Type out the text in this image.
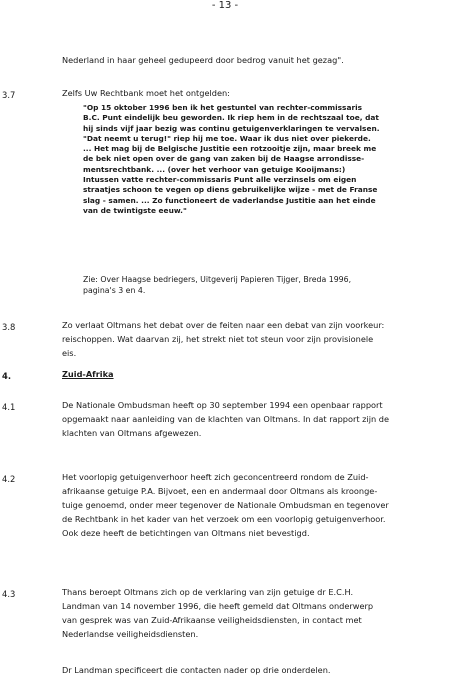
- 13 -
Nederland in haar geheel gedupeerd door bedrog vanuit het gezag".
3.7	Zelfs Uw Rechtbank moet het ontgelden:
"Op 15 oktober 1996 ben ik het gestuntel van rechter-commissaris
B.C. Punt eindelijk beu geworden. Ik riep hem in de rechtszaal toe, dat
hij sinds vijf jaar bezig was continu getuigenverklaringen te vervalsen.
"Dat neemt u terug!" riep hij me toe. Waar ik dus niet over piekerde.
... Het mag bij de Belgische Justitie een rotzooitje zijn, maar breek me
de bek niet open over de gang van zaken bij de Haagse arrondisse-
mentsrechtbank. ... (over het verhoor van getuige Kooijmans:)
Intussen vatte rechter-commissaris Punt alle verzinsels om eigen
straatjes schoon te vegen op diens gebruikelijke wijze - met de Franse
slag - samen. ... Zo functioneert de vaderlandse Justitie aan het einde
van de twintigste eeuw."
Zie: Over Haagse bedriegers, Uitgeverij Papieren Tijger, Breda 1996,
pagina's 3 en 4.
3.8	Zo verlaat Oltmans het debat over de feiten naar een debat van zijn voorkeur:
reischoppen. Wat daarvan zij, het strekt niet tot steun voor zijn provisionele
eis.
4.	Zuid-Afrika
4.1	De Nationale Ombudsman heeft op 30 september 1994 een openbaar rapport
opgemaakt naar aanleiding van de klachten van Oltmans. In dat rapport zijn de
klachten van Oltmans afgewezen.
4.2	Het voorlopig getuigenverhoor heeft zich geconcentreerd rondom de Zuid-
afrikaanse getuige P.A. Bijvoet, een en andermaal door Oltmans als kroonge-
tuige genoemd, onder meer tegenover de Nationale Ombudsman en tegenover
de Rechtbank in het kader van het verzoek om een voorlopig getuigenverhoor.
Ook deze heeft de betichtingen van Oltmans niet bevestigd.
4.3	Thans beroept Oltmans zich op de verklaring van zijn getuige dr E.C.H.
Landman van 14 november 1996, die heeft gemeld dat Oltmans onderwerp
van gesprek was van Zuid-Afrikaanse veiligheidsdiensten, in contact met
Nederlandse veiligheidsdiensten.
Dr Landman specificeert die contacten nader op drie onderdelen.
